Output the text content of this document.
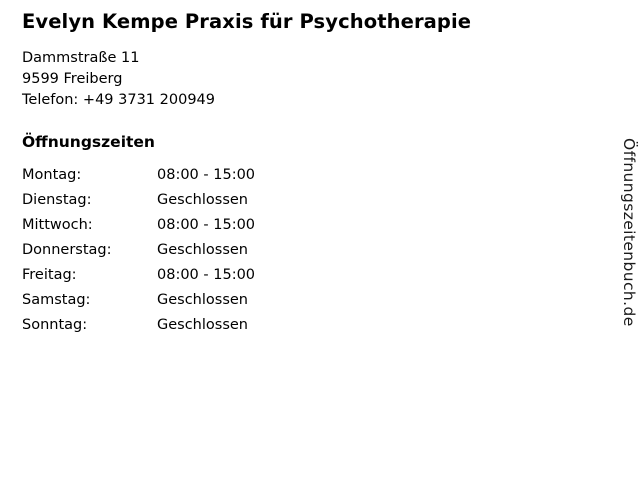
Evelyn Kempe Praxis für Psychotherapie

Dammstraße 11

9599 Freiberg

Telefon: +49 3731 200949

Öffnungszeiten
Montag:	08:00 - 15:00
Dienstag:	Geschlossen
Mittwoch:	08:00 - 15:00
Donnerstag:	Geschlossen
Freitag:	08:00 - 15:00
Samstag:	Geschlossen
Sonntag:	Geschlossen	Öffnungszeitenbuch.de
